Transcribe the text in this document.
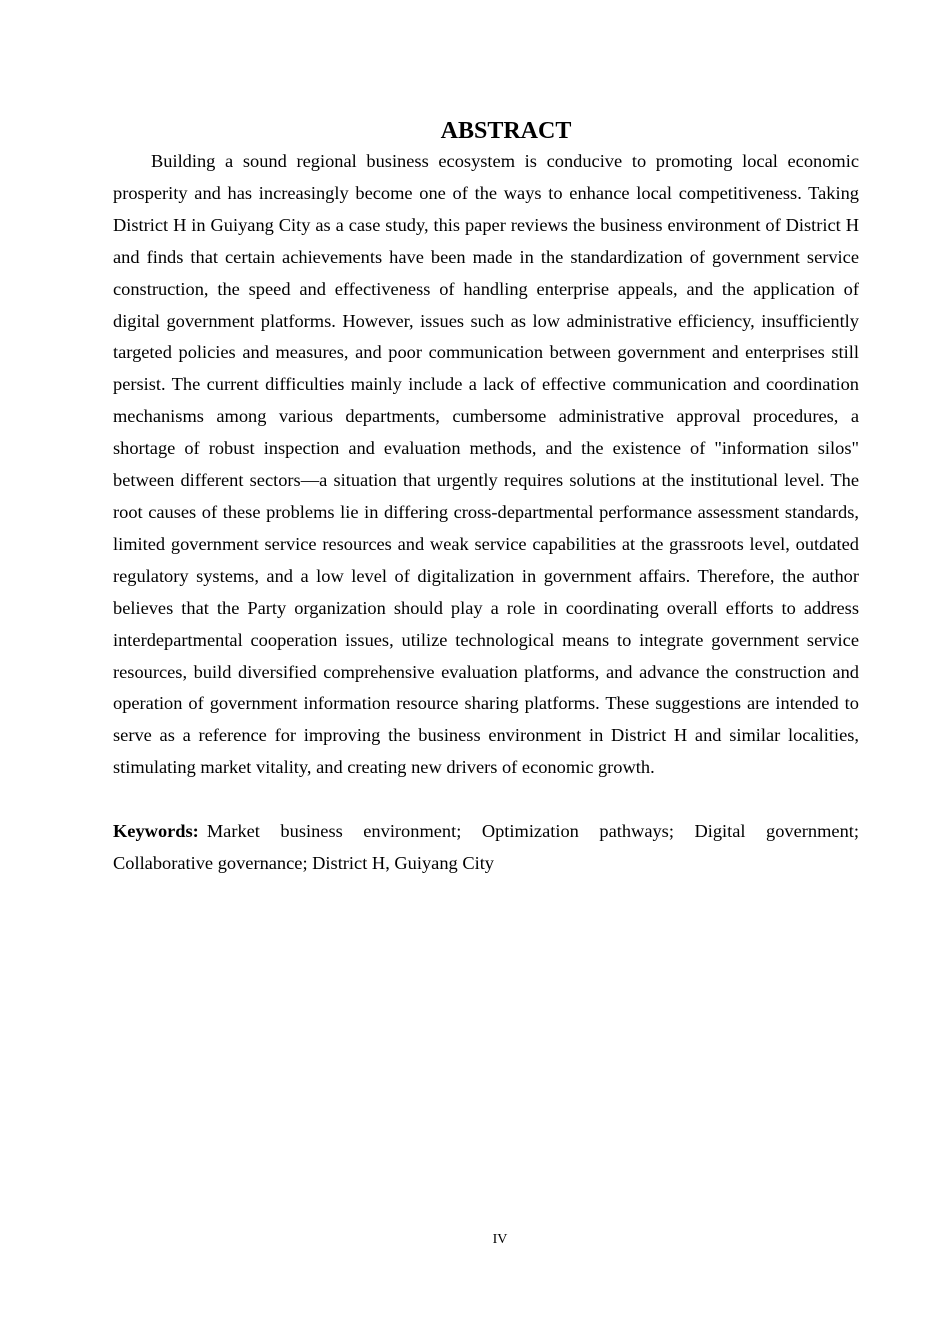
ABSTRACT

Building a sound regional business ecosystem is conducive to promoting local economic prosperity and has increasingly become one of the ways to enhance local competitiveness. Taking District H in Guiyang City as a case study, this paper reviews the business environment of District H and finds that certain achievements have been made in the standardization of government service construction, the speed and effectiveness of handling enterprise appeals, and the application of digital government platforms. However, issues such as low administrative efficiency, insufficiently targeted policies and measures, and poor communication between government and enterprises still persist. The current difficulties mainly include a lack of effective communication and coordination mechanisms among various departments, cumbersome administrative approval procedures, a shortage of robust inspection and evaluation methods, and the existence of "information silos" between different sectors—a situation that urgently requires solutions at the institutional level. The root causes of these problems lie in differing cross-departmental performance assessment standards, limited government service resources and weak service capabilities at the grassroots level, outdated regulatory systems, and a low level of digitalization in government affairs. Therefore, the author believes that the Party organization should play a role in coordinating overall efforts to address interdepartmental cooperation issues, utilize technological means to integrate government service resources, build diversified comprehensive evaluation platforms, and advance the construction and operation of government information resource sharing platforms. These suggestions are intended to serve as a reference for improving the business environment in District H and similar localities, stimulating market vitality, and creating new drivers of economic growth.

Keywords: Market business environment; Optimization pathways; Digital government; Collaborative governance; District H, Guiyang City

IV
